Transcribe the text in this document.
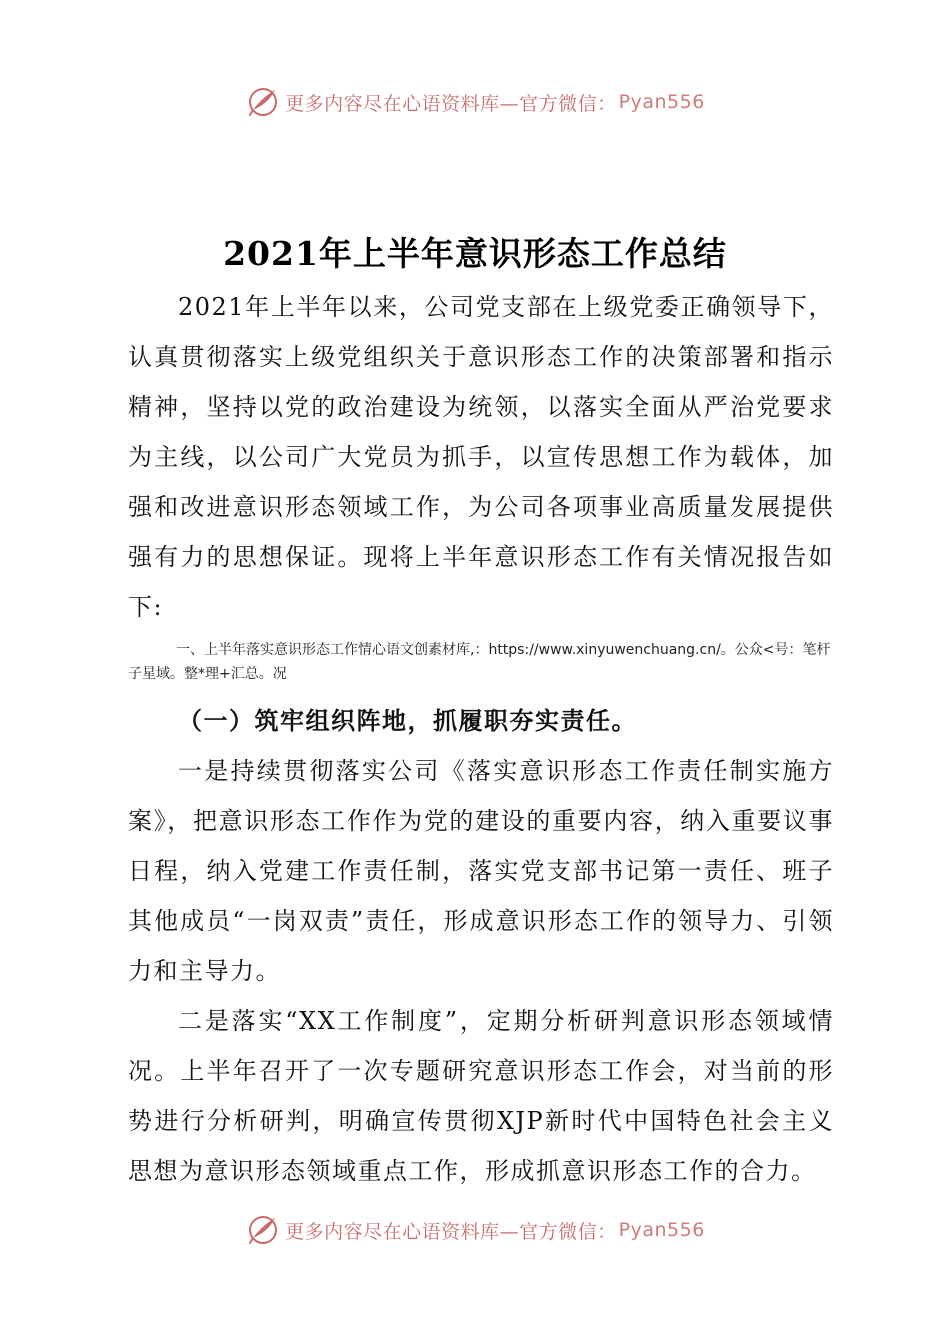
更多内容尽在心语资料库—官方微信： Pyan556
2021年上半年意识形态工作总结

2021年上半年以来，公司党支部在上级党委正确领导下，认真贯彻落实上级党组织关于意识形态工作的决策部署和指示精神，坚持以党的政治建设为统领，以落实全面从严治党要求为主线，以公司广大党员为抓手，以宣传思想工作为载体，加强和改进意识形态领域工作，为公司各项事业高质量发展提供强有力的思想保证。现将上半年意识形态工作有关情况报告如下:

一、上半年落实意识形态工作情心语文创素材库,：https://www.xinyuwenchuang.cn/。公众<号：笔杆子星域。整*理+汇总。况

（一）筑牢组织阵地，抓履职夯实责任。

一是持续贯彻落实公司《落实意识形态工作责任制实施方案》，把意识形态工作作为党的建设的重要内容，纳入重要议事日程，纳入党建工作责任制，落实党支部书记第一责任、班子其他成员“一岗双责”责任，形成意识形态工作的领导力、引领力和主导力。

二是落实“XX工作制度”，定期分析研判意识形态领域情况。上半年召开了一次专题研究意识形态工作会，对当前的形势进行分析研判，明确宣传贯彻XJP新时代中国特色社会主义思想为意识形态领域重点工作，形成抓意识形态工作的合力。

更多内容尽在心语资料库—官方微信： Pyan556
